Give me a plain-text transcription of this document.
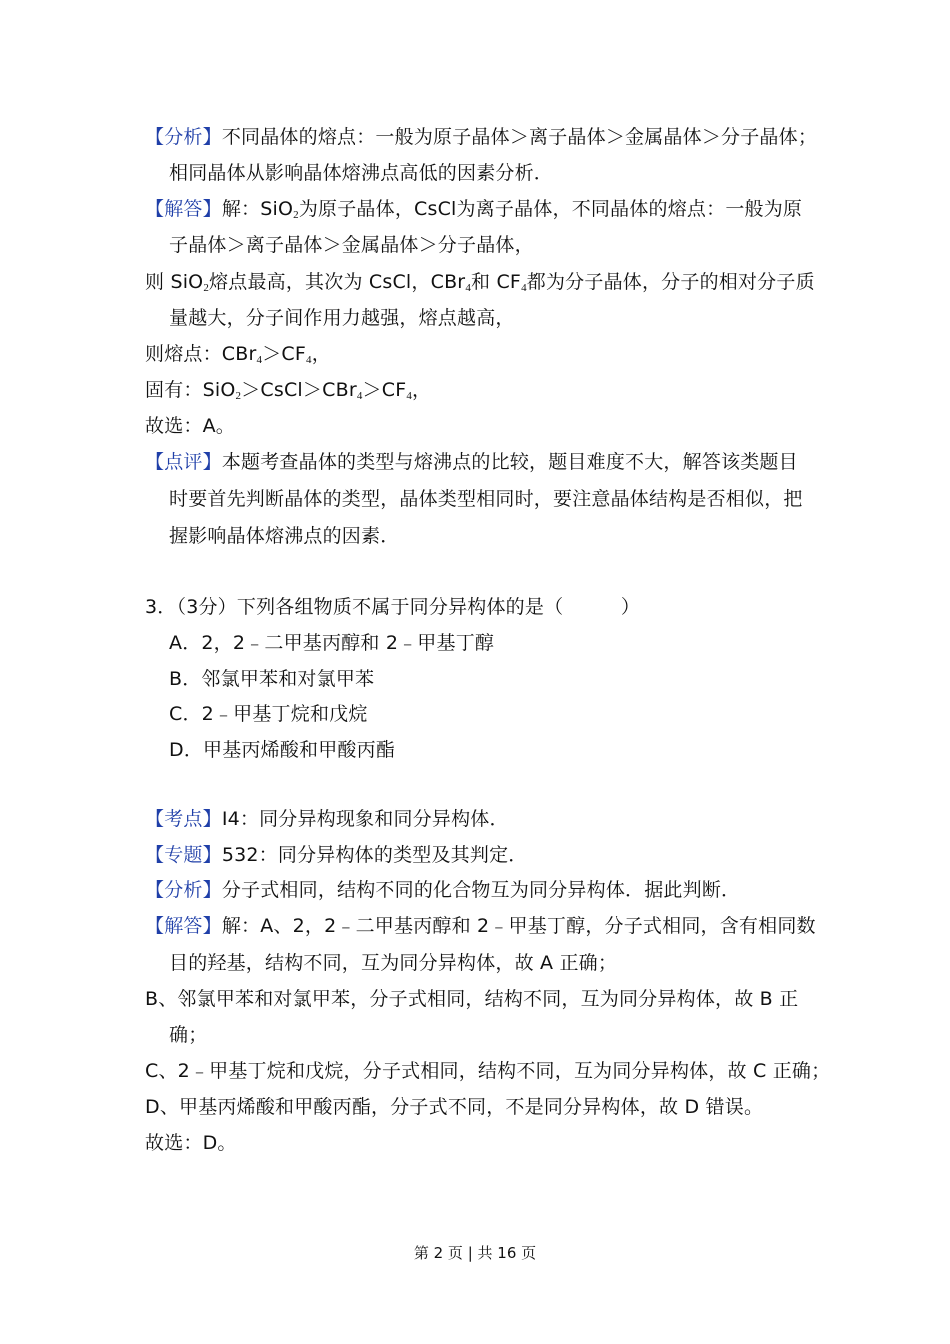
【分析】不同晶体的熔点：一般为原子晶体＞离子晶体＞金属晶体＞分子晶体；
相同晶体从影响晶体熔沸点高低的因素分析．
【解答】解：SiO$_2$为原子晶体，CsCl为离子晶体，不同晶体的熔点：一般为原
子晶体＞离子晶体＞金属晶体＞分子晶体，
则 SiO$_2$熔点最高，其次为 CsCl，CBr$_4$和 $CF_4$都为分子晶体，分子的相对分子质
量越大，分子间作用力越强，熔点越高，
则熔点：$CBr_4>CF_4$，
固有：$SiO_2>CsCl>CBr_4>CF_4$，
故选：A。
【点评】本题考查晶体的类型与熔沸点的比较，题目难度不大，解答该类题目
时要首先判断晶体的类型，晶体类型相同时，要注意晶体结构是否相似，把
握影响晶体熔沸点的因素．
3．（3分）下列各组物质不属于同分异构体的是（　　　）
A．2，2﹣二甲基丙醇和 2﹣甲基丁醇
B．邻氯甲苯和对氯甲苯
C．2﹣甲基丁烷和戊烷
D．甲基丙烯酸和甲酸丙酯
【考点】I4：同分异构现象和同分异构体．
【专题】532：同分异构体的类型及其判定．
【分析】分子式相同，结构不同的化合物互为同分异构体．据此判断．
【解答】解：A、2，2﹣二甲基丙醇和 2﹣甲基丁醇，分子式相同，含有相同数
目的羟基，结构不同，互为同分异构体，故 A 正确；
B、邻氯甲苯和对氯甲苯，分子式相同，结构不同，互为同分异构体，故 B 正
确；
C、2﹣甲基丁烷和戊烷，分子式相同，结构不同，互为同分异构体，故 C 正确；
D、甲基丙烯酸和甲酸丙酯，分子式不同，不是同分异构体，故 D 错误。
故选：D。
第 2 页 | 共 16 页
